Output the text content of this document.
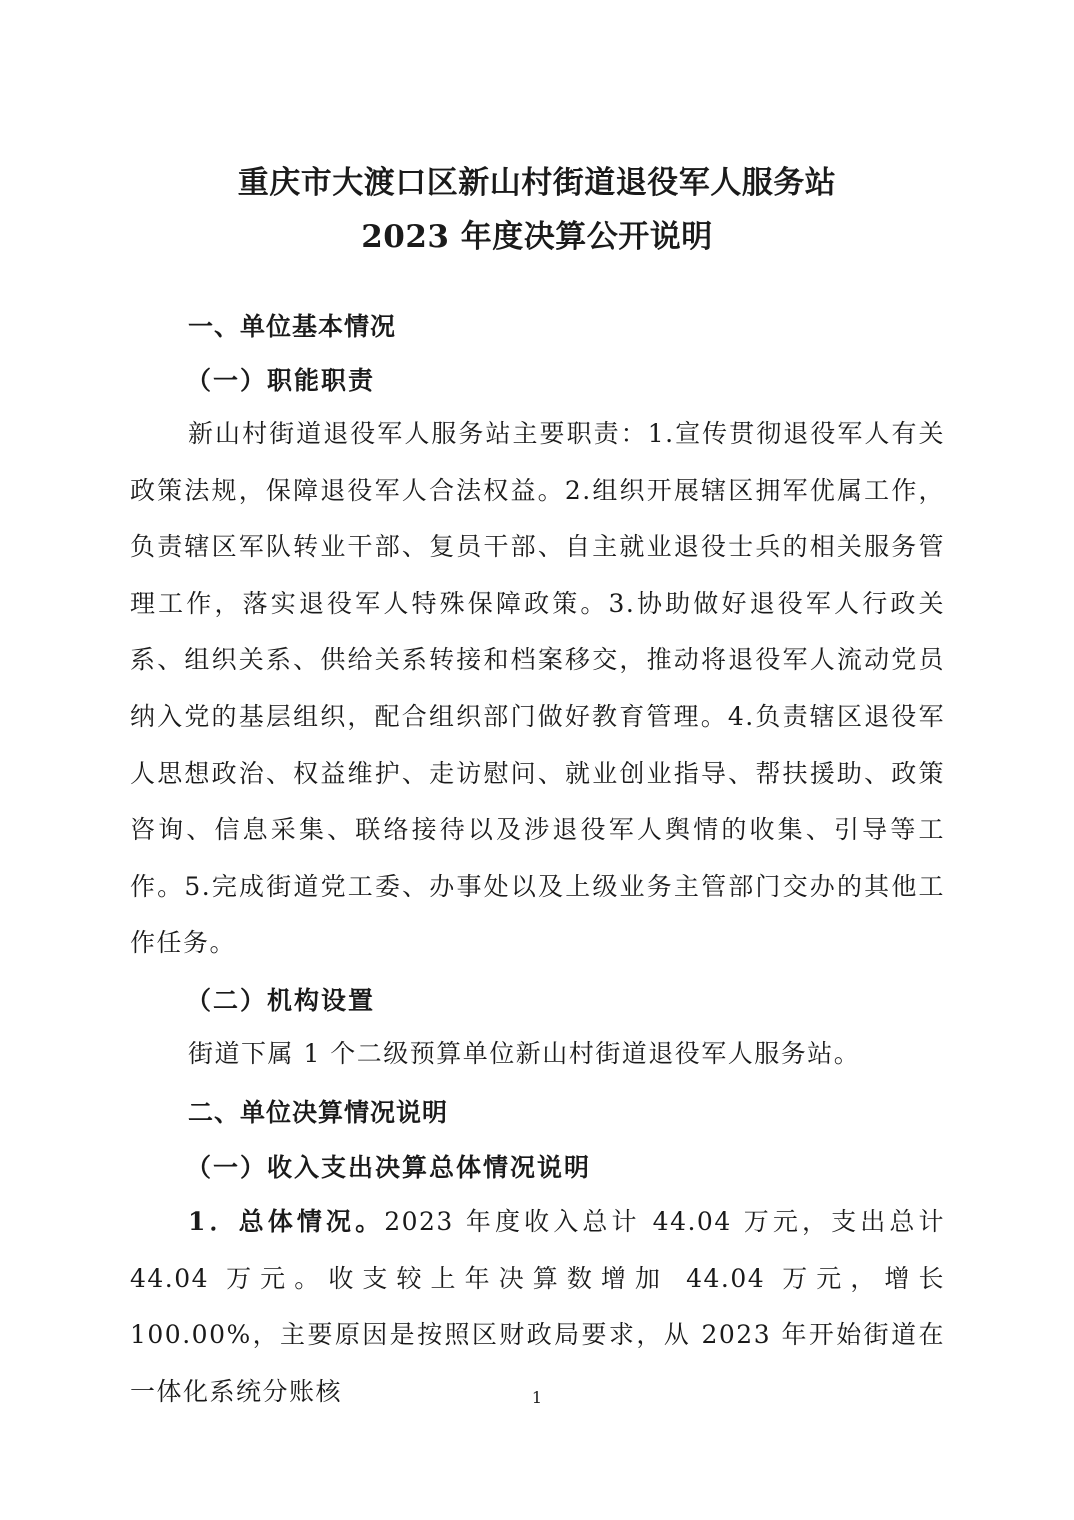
重庆市大渡口区新山村街道退役军人服务站
2023 年度决算公开说明
一、单位基本情况
（一）职能职责
新山村街道退役军人服务站主要职责：1.宣传贯彻退役军人有关政策法规，保障退役军人合法权益。2.组织开展辖区拥军优属工作，负责辖区军队转业干部、复员干部、自主就业退役士兵的相关服务管理工作，落实退役军人特殊保障政策。3.协助做好退役军人行政关系、组织关系、供给关系转接和档案移交，推动将退役军人流动党员纳入党的基层组织，配合组织部门做好教育管理。4.负责辖区退役军人思想政治、权益维护、走访慰问、就业创业指导、帮扶援助、政策咨询、信息采集、联络接待以及涉退役军人舆情的收集、引导等工作。5.完成街道党工委、办事处以及上级业务主管部门交办的其他工作任务。
（二）机构设置
街道下属 1 个二级预算单位新山村街道退役军人服务站。
二、单位决算情况说明
（一）收入支出决算总体情况说明
1．总体情况。2023 年度收入总计 44.04 万元，支出总计 44.04 万元。收支较上年决算数增加 44.04 万元，增长 100.00%，主要原因是按照区财政局要求，从 2023 年开始街道在一体化系统分账核	1
